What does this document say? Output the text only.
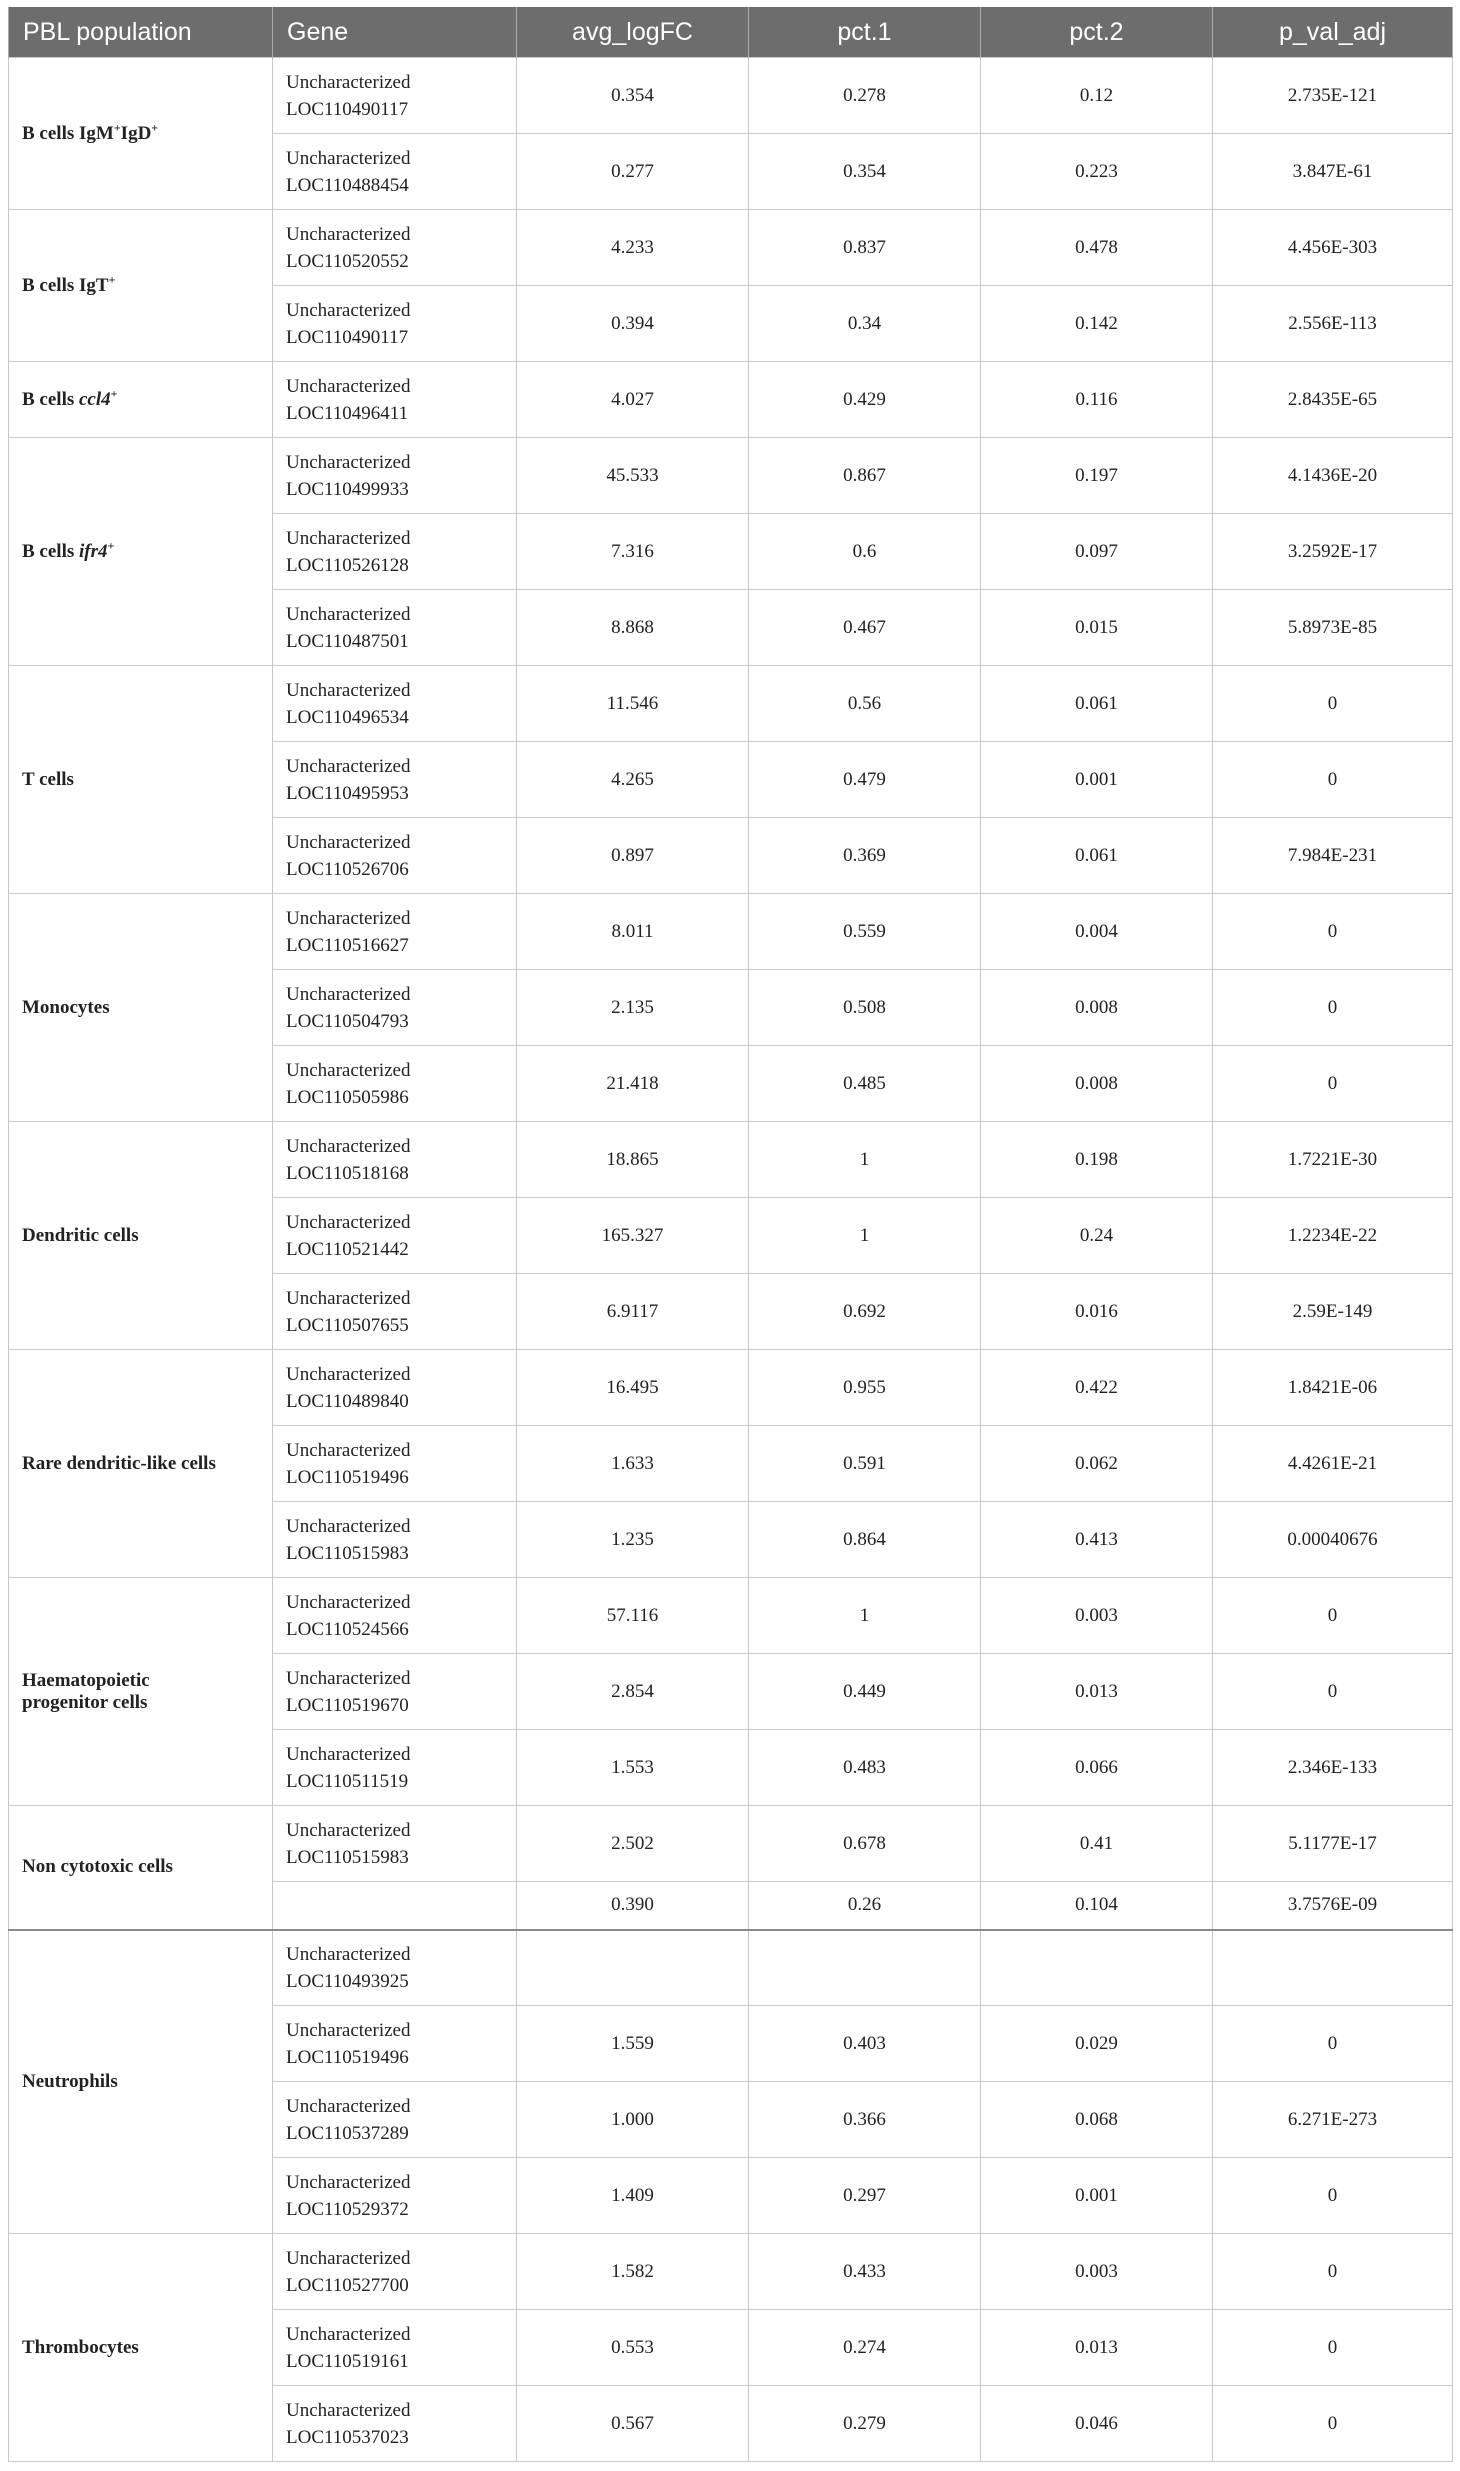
PBL population	Gene	avg_logFC	pct.1	pct.2	p_val_adj
B cells IgM+IgD+	Uncharacterized
LOC110490117	0.354	0.278	0.12	2.735E-121
	Uncharacterized
LOC110488454	0.277	0.354	0.223	3.847E-61
B cells IgT+	Uncharacterized
LOC110520552	4.233	0.837	0.478	4.456E-303
	Uncharacterized
LOC110490117	0.394	0.34	0.142	2.556E-113
B cells ccl4+	Uncharacterized
LOC110496411	4.027	0.429	0.116	2.8435E-65
B cells ifr4+	Uncharacterized
LOC110499933	45.533	0.867	0.197	4.1436E-20
	Uncharacterized
LOC110526128	7.316	0.6	0.097	3.2592E-17
	Uncharacterized
LOC110487501	8.868	0.467	0.015	5.8973E-85
T cells	Uncharacterized
LOC110496534	11.546	0.56	0.061	0
	Uncharacterized
LOC110495953	4.265	0.479	0.001	0
	Uncharacterized
LOC110526706	0.897	0.369	0.061	7.984E-231
Monocytes	Uncharacterized
LOC110516627	8.011	0.559	0.004	0
	Uncharacterized
LOC110504793	2.135	0.508	0.008	0
	Uncharacterized
LOC110505986	21.418	0.485	0.008	0
Dendritic cells	Uncharacterized
LOC110518168	18.865	1	0.198	1.7221E-30
	Uncharacterized
LOC110521442	165.327	1	0.24	1.2234E-22
	Uncharacterized
LOC110507655	6.9117	0.692	0.016	2.59E-149
Rare dendritic-like cells	Uncharacterized
LOC110489840	16.495	0.955	0.422	1.8421E-06
	Uncharacterized
LOC110519496	1.633	0.591	0.062	4.4261E-21
	Uncharacterized
LOC110515983	1.235	0.864	0.413	0.00040676
Haematopoietic
progenitor cells	Uncharacterized
LOC110524566	57.116	1	0.003	0
	Uncharacterized
LOC110519670	2.854	0.449	0.013	0
	Uncharacterized
LOC110511519	1.553	0.483	0.066	2.346E-133
Non cytotoxic cells	Uncharacterized
LOC110515983	2.502	0.678	0.41	5.1177E-17
		0.390	0.26	0.104	3.7576E-09
Neutrophils	Uncharacterized
LOC110493925				
	Uncharacterized
LOC110519496	1.559	0.403	0.029	0
	Uncharacterized
LOC110537289	1.000	0.366	0.068	6.271E-273
	Uncharacterized
LOC110529372	1.409	0.297	0.001	0
Thrombocytes	Uncharacterized
LOC110527700	1.582	0.433	0.003	0
	Uncharacterized
LOC110519161	0.553	0.274	0.013	0
	Uncharacterized
LOC110537023	0.567	0.279	0.046	0
